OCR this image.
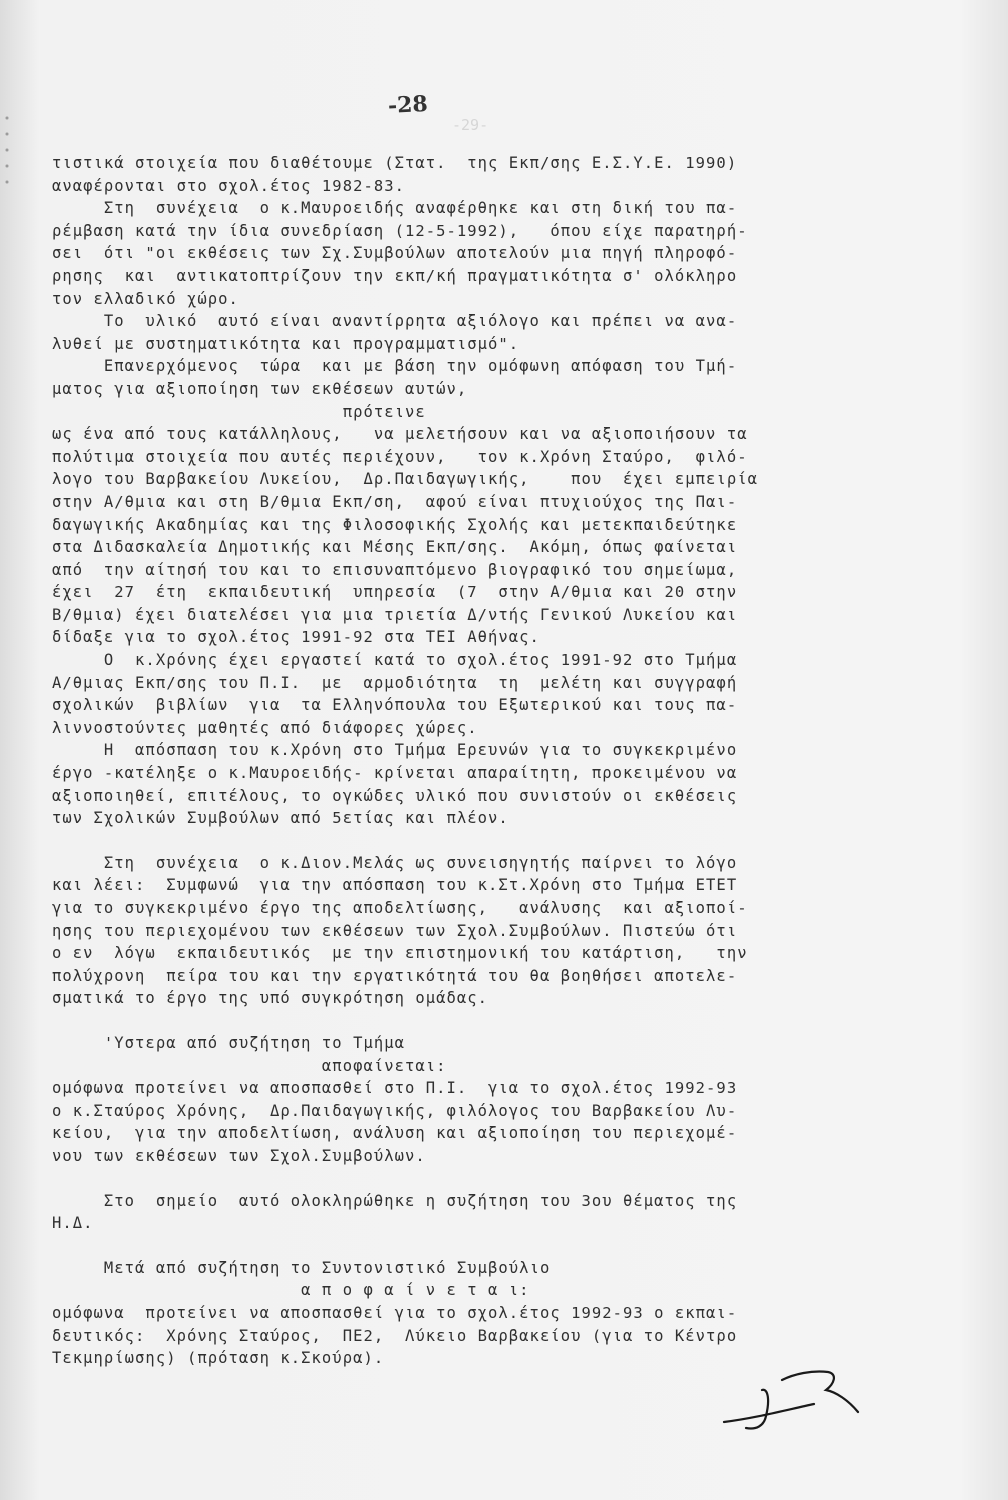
-29-
-28
τιστικά στοιχεία που διαθέτουμε (Στατ.  της Εκπ/σης Ε.Σ.Υ.Ε. 1990)
αναφέρονται στο σχολ.έτος 1982-83.
Στη  συνέχεια  ο κ.Μαυροειδής αναφέρθηκε και στη δική του πα-
ρέμβαση κατά την ίδια συνεδρίαση (12-5-1992),   όπου είχε παρατηρή-
σει  ότι "οι εκθέσεις των Σχ.Συμβούλων αποτελούν μια πηγή πληροφό-
ρησης  και  αντικατοπτρίζουν την εκπ/κή πραγματικότητα σ' ολόκληρο
τον ελλαδικό χώρο.
Το  υλικό  αυτό είναι αναντίρρητα αξιόλογο και πρέπει να ανα-
λυθεί με συστηματικότητα και προγραμματισμό".
Επανερχόμενος  τώρα  και με βάση την ομόφωνη απόφαση του Τμή-
ματος για αξιοποίηση των εκθέσεων αυτών,
πρότεινε
ως ένα από τους κατάλληλους,   να μελετήσουν και να αξιοποιήσουν τα
πολύτιμα στοιχεία που αυτές περιέχουν,   τον κ.Χρόνη Σταύρο,  φιλό-
λογο του Βαρβακείου Λυκείου,  Δρ.Παιδαγωγικής,    που  έχει εμπειρία
στην Α/θμια και στη Β/θμια Εκπ/ση,  αφού είναι πτυχιούχος της Παι-
δαγωγικής Ακαδημίας και της Φιλοσοφικής Σχολής και μετεκπαιδεύτηκε
στα Διδασκαλεία Δημοτικής και Μέσης Εκπ/σης.  Ακόμη, όπως φαίνεται
από  την αίτησή του και το επισυναπτόμενο βιογραφικό του σημείωμα,
έχει  27  έτη  εκπαιδευτική  υπηρεσία  (7  στην Α/θμια και 20 στην
Β/θμια) έχει διατελέσει για μια τριετία Δ/ντής Γενικού Λυκείου και
δίδαξε για το σχολ.έτος 1991-92 στα ΤΕΙ Αθήνας.
Ο  κ.Χρόνης έχει εργαστεί κατά το σχολ.έτος 1991-92 στο Τμήμα
Α/θμιας Εκπ/σης του Π.Ι.  με  αρμοδιότητα  τη  μελέτη και συγγραφή
σχολικών  βιβλίων  για  τα Ελληνόπουλα του Εξωτερικού και τους πα-
λιννοστούντες μαθητές από διάφορες χώρες.
Η  απόσπαση του κ.Χρόνη στο Τμήμα Ερευνών για το συγκεκριμένο
έργο -κατέληξε ο κ.Μαυροειδής- κρίνεται απαραίτητη, προκειμένου να
αξιοποιηθεί, επιτέλους, το ογκώδες υλικό που συνιστούν οι εκθέσεις
των Σχολικών Συμβούλων από 5ετίας και πλέον.
Στη  συνέχεια  ο κ.Διον.Μελάς ως συνεισηγητής παίρνει το λόγο
και λέει:  Συμφωνώ  για την απόσπαση του κ.Στ.Χρόνη στο Τμήμα ΕΤΕΤ
για το συγκεκριμένο έργο της αποδελτίωσης,   ανάλυσης  και αξιοποί-
ησης του περιεχομένου των εκθέσεων των Σχολ.Συμβούλων. Πιστεύω ότι
ο εν  λόγω  εκπαιδευτικός  με την επιστημονική του κατάρτιση,   την
πολύχρονη  πείρα του και την εργατικότητά του θα βοηθήσει αποτελε-
σματικά το έργο της υπό συγκρότηση ομάδας.
'Υστερα από συζήτηση το Τμήμα
αποφαίνεται:
ομόφωνα προτείνει να αποσπασθεί στο Π.Ι.  για το σχολ.έτος 1992-93
ο κ.Σταύρος Χρόνης,  Δρ.Παιδαγωγικής, φιλόλογος του Βαρβακείου Λυ-
κείου,  για την αποδελτίωση, ανάλυση και αξιοποίηση του περιεχομέ-
νου των εκθέσεων των Σχολ.Συμβούλων.
Στο  σημείο  αυτό ολοκληρώθηκε η συζήτηση του 3ου θέματος της
Η.Δ.
Μετά από συζήτηση το Συντονιστικό Συμβούλιο
α π ο φ α ί ν ε τ α ι:
ομόφωνα  προτείνει να αποσπασθεί για το σχολ.έτος 1992-93 ο εκπαι-
δευτικός:  Χρόνης Σταύρος,  ΠΕ2,  Λύκειο Βαρβακείου (για το Κέντρο
Τεκμηρίωσης) (πρόταση κ.Σκούρα).
